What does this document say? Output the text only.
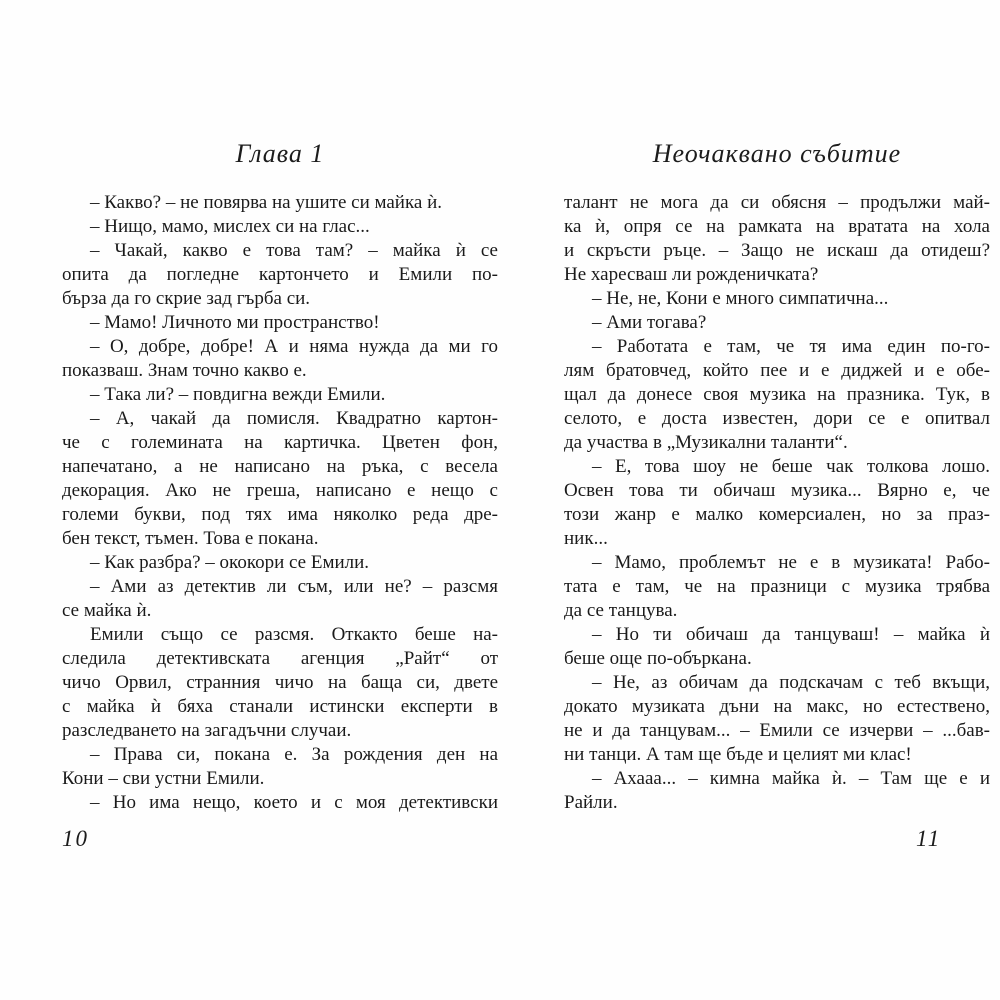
Глава 1
– Какво? – не повярва на ушите си майка ѝ.
– Нищо, мамо, мислех си на глас...
– Чакай, какво е това там? – майка ѝ се
опита да погледне картончето и Емили по-
бърза да го скрие зад гърба си.
– Мамо! Личното ми пространство!
– О, добре, добре! А и няма нужда да ми го
показваш. Знам точно какво е.
– Така ли? – повдигна вежди Емили.
– А, чакай да помисля. Квадратно картон-
че с големината на картичка. Цветен фон,
напечатано, а не написано на ръка, с весела
декорация. Ако не греша, написано е нещо с
големи букви, под тях има няколко реда дре-
бен текст, тъмен. Това е покана.
– Как разбра? – ококори се Емили.
– Ами аз детектив ли съм, или не? – разсмя
се майка ѝ.
Емили също се разсмя. Откакто беше на-
следила детективската агенция „Райт“ от
чичо Орвил, странния чичо на баща си, двете
с майка ѝ бяха станали истински експерти в
разследването на загадъчни случаи.
– Права си, покана е. За рождения ден на
Кони – сви устни Емили.
– Но има нещо, което и с моя детективски
Неочаквано събитие
талант не мога да си обясня – продължи май-
ка ѝ, опря се на рамката на вратата на хола
и скръсти ръце. – Защо не искаш да отидеш?
Не харесваш ли рожденичката?
– Не, не, Кони е много симпатична...
– Ами тогава?
– Работата е там, че тя има един по-го-
лям братовчед, който пее и е диджей и е обе-
щал да донесе своя музика на празника. Тук, в
селото, е доста известен, дори се е опитвал
да участва в „Музикални таланти“.
– Е, това шоу не беше чак толкова лошо.
Освен това ти обичаш музика... Вярно е, че
този жанр е малко комерсиален, но за праз-
ник...
– Мамо, проблемът не е в музиката! Рабо-
тата е там, че на празници с музика трябва
да се танцува.
– Но ти обичаш да танцуваш! – майка ѝ
беше още по-объркана.
– Не, аз обичам да подскачам с теб вкъщи,
докато музиката дъни на макс, но естествено,
не и да танцувам... – Емили се изчерви – ...бав-
ни танци. А там ще бъде и целият ми клас!
– Ахааа... – кимна майка ѝ. – Там ще е и
Райли.
10	11
